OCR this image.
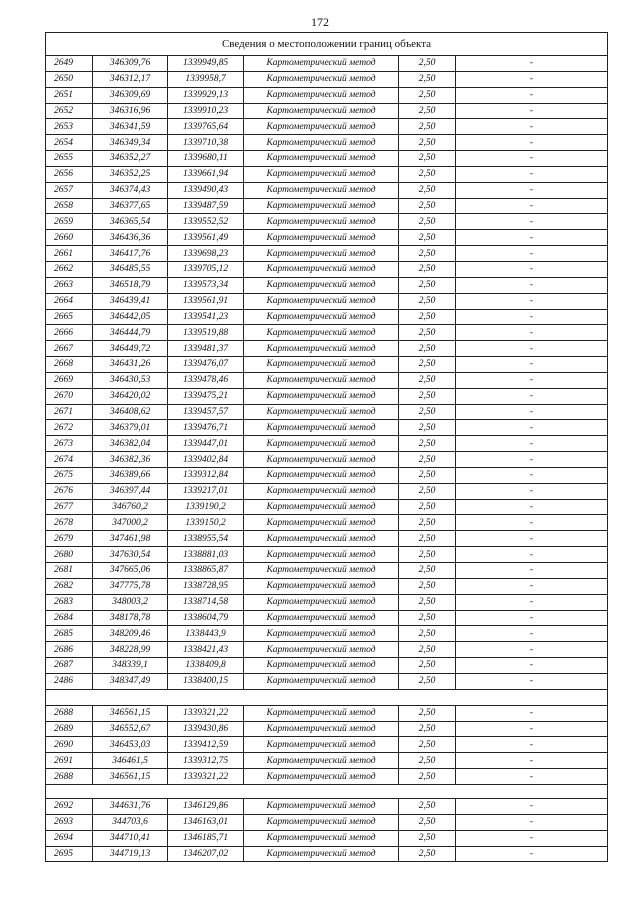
172
Сведения о местоположении границ объекта					
2649	346309,76	1339949,85	Картометрический метод	2,50	-
2650	346312,17	1339958,7	Картометрический метод	2,50	-
2651	346309,69	1339929,13	Картометрический метод	2,50	-
2652	346316,96	1339910,23	Картометрический метод	2,50	-
2653	346341,59	1339765,64	Картометрический метод	2,50	-
2654	346349,34	1339710,38	Картометрический метод	2,50	-
2655	346352,27	1339680,11	Картометрический метод	2,50	-
2656	346352,25	1339661,94	Картометрический метод	2,50	-
2657	346374,43	1339490,43	Картометрический метод	2,50	-
2658	346377,65	1339487,59	Картометрический метод	2,50	-
2659	346365,54	1339552,52	Картометрический метод	2,50	-
2660	346436,36	1339561,49	Картометрический метод	2,50	-
2661	346417,76	1339698,23	Картометрический метод	2,50	-
2662	346485,55	1339705,12	Картометрический метод	2,50	-
2663	346518,79	1339573,34	Картометрический метод	2,50	-
2664	346439,41	1339561,91	Картометрический метод	2,50	-
2665	346442,05	1339541,23	Картометрический метод	2,50	-
2666	346444,79	1339519,88	Картометрический метод	2,50	-
2667	346449,72	1339481,37	Картометрический метод	2,50	-
2668	346431,26	1339476,07	Картометрический метод	2,50	-
2669	346430,53	1339478,46	Картометрический метод	2,50	-
2670	346420,02	1339475,21	Картометрический метод	2,50	-
2671	346408,62	1339457,57	Картометрический метод	2,50	-
2672	346379,01	1339476,71	Картометрический метод	2,50	-
2673	346382,04	1339447,01	Картометрический метод	2,50	-
2674	346382,36	1339402,84	Картометрический метод	2,50	-
2675	346389,66	1339312,84	Картометрический метод	2,50	-
2676	346397,44	1339217,01	Картометрический метод	2,50	-
2677	346760,2	1339190,2	Картометрический метод	2,50	-
2678	347000,2	1339150,2	Картометрический метод	2,50	-
2679	347461,98	1338955,54	Картометрический метод	2,50	-
2680	347630,54	1338881,03	Картометрический метод	2,50	-
2681	347665,06	1338865,87	Картометрический метод	2,50	-
2682	347775,78	1338728,95	Картометрический метод	2,50	-
2683	348003,2	1338714,58	Картометрический метод	2,50	-
2684	348178,78	1338604,79	Картометрический метод	2,50	-
2685	348209,46	1338443,9	Картометрический метод	2,50	-
2686	348228,99	1338421,43	Картометрический метод	2,50	-
2687	348339,1	1338409,8	Картометрический метод	2,50	-
2486	348347,49	1338400,15	Картометрический метод	2,50	-

2688	346561,15	1339321,22	Картометрический метод	2,50	-
2689	346552,67	1339430,86	Картометрический метод	2,50	-
2690	346453,03	1339412,59	Картометрический метод	2,50	-
2691	346461,5	1339312,75	Картометрический метод	2,50	-
2688	346561,15	1339321,22	Картометрический метод	2,50	-

2692	344631,76	1346129,86	Картометрический метод	2,50	-
2693	344703,6	1346163,01	Картометрический метод	2,50	-
2694	344710,41	1346185,71	Картометрический метод	2,50	-
2695	344719,13	1346207,02	Картометрический метод	2,50	-
